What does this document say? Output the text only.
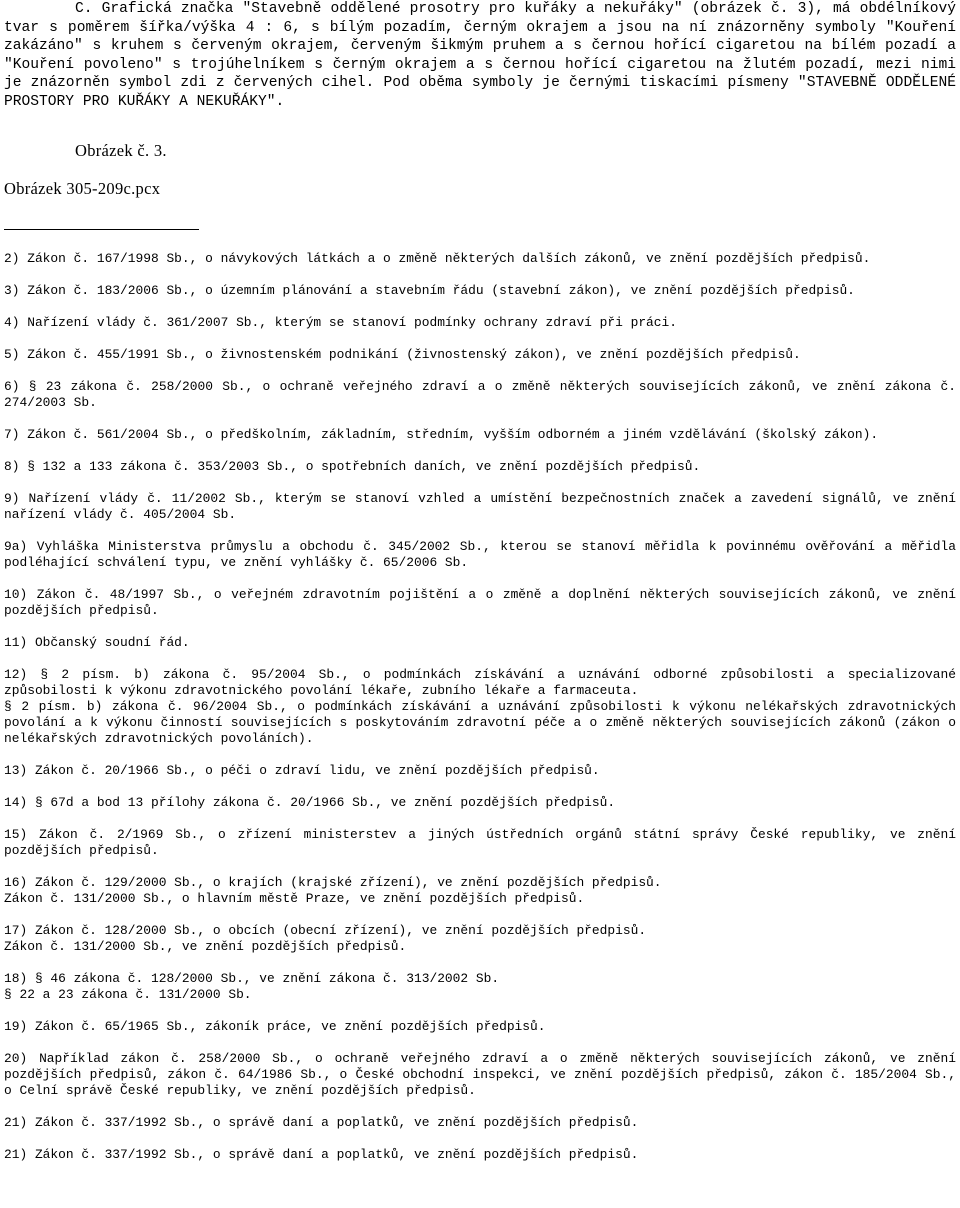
C. Grafická značka "Stavebně oddělené prosotry pro kuřáky a nekuřáky" (obrázek č. 3), má obdélníkový tvar s poměrem šířka/výška 4 : 6, s bílým pozadím, černým okrajem a jsou na ní znázorněny symboly "Kouření zakázáno" s kruhem s červeným okrajem, červeným šikmým pruhem a s černou hořící cigaretou na bílém pozadí a "Kouření povoleno" s trojúhelníkem s černým okrajem a s černou hořící cigaretou na žlutém pozadí, mezi nimi je znázorněn symbol zdi z červených cihel. Pod oběma symboly je černými tiskacími písmeny "STAVEBNĚ ODDĚLENÉ PROSTORY PRO KUŘÁKY A NEKUŘÁKY".

Obrázek č. 3.

Obrázek 305-209c.pcx

2) Zákon č. 167/1998 Sb., o návykových látkách a o změně některých dalších zákonů, ve znění pozdějších předpisů.

3) Zákon č. 183/2006 Sb., o územním plánování a stavebním řádu (stavební zákon), ve znění pozdějších předpisů.

4) Nařízení vlády č. 361/2007 Sb., kterým se stanoví podmínky ochrany zdraví při práci.

5) Zákon č. 455/1991 Sb., o živnostenském podnikání (živnostenský zákon), ve znění pozdějších předpisů.

6) § 23 zákona č. 258/2000 Sb., o ochraně veřejného zdraví a o změně některých souvisejících zákonů, ve znění zákona č. 274/2003 Sb.

7) Zákon č. 561/2004 Sb., o předškolním, základním, středním, vyšším odborném a jiném vzdělávání (školský zákon).

8) § 132 a 133 zákona č. 353/2003 Sb., o spotřebních daních, ve znění pozdějších předpisů.

9) Nařízení vlády č. 11/2002 Sb., kterým se stanoví vzhled a umístění bezpečnostních značek a zavedení signálů, ve znění nařízení vlády č. 405/2004 Sb.

9a) Vyhláška Ministerstva průmyslu a obchodu č. 345/2002 Sb., kterou se stanoví měřidla k povinnému ověřování a měřidla podléhající schválení typu, ve znění vyhlášky č. 65/2006 Sb.

10) Zákon č. 48/1997 Sb., o veřejném zdravotním pojištění a o změně a doplnění některých souvisejících zákonů, ve znění pozdějších předpisů.

11) Občanský soudní řád.

12) § 2 písm. b) zákona č. 95/2004 Sb., o podmínkách získávání a uznávání odborné způsobilosti a specializované způsobilosti k výkonu zdravotnického povolání lékaře, zubního lékaře a farmaceuta.
§ 2 písm. b) zákona č. 96/2004 Sb., o podmínkách získávání a uznávání způsobilosti k výkonu nelékařských zdravotnických povolání a k výkonu činností souvisejících s poskytováním zdravotní péče a o změně některých souvisejících zákonů (zákon o nelékařských zdravotnických povoláních).

13) Zákon č. 20/1966 Sb., o péči o zdraví lidu, ve znění pozdějších předpisů.

14) § 67d a bod 13 přílohy zákona č. 20/1966 Sb., ve znění pozdějších předpisů.

15) Zákon č. 2/1969 Sb., o zřízení ministerstev a jiných ústředních orgánů státní správy České republiky, ve znění pozdějších předpisů.

16) Zákon č. 129/2000 Sb., o krajích (krajské zřízení), ve znění pozdějších předpisů.
Zákon č. 131/2000 Sb., o hlavním městě Praze, ve znění pozdějších předpisů.

17) Zákon č. 128/2000 Sb., o obcích (obecní zřízení), ve znění pozdějších předpisů.
Zákon č. 131/2000 Sb., ve znění pozdějších předpisů.

18) § 46 zákona č. 128/2000 Sb., ve znění zákona č. 313/2002 Sb.
§ 22 a 23 zákona č. 131/2000 Sb.

19) Zákon č. 65/1965 Sb., zákoník práce, ve znění pozdějších předpisů.

20) Například zákon č. 258/2000 Sb., o ochraně veřejného zdraví a o změně některých souvisejících zákonů, ve znění pozdějších předpisů, zákon č. 64/1986 Sb., o České obchodní inspekci, ve znění pozdějších předpisů, zákon č. 185/2004 Sb., o Celní správě České republiky, ve znění pozdějších předpisů.

21) Zákon č. 337/1992 Sb., o správě daní a poplatků, ve znění pozdějších předpisů.

21) Zákon č. 337/1992 Sb., o správě daní a poplatků, ve znění pozdějších předpisů.
